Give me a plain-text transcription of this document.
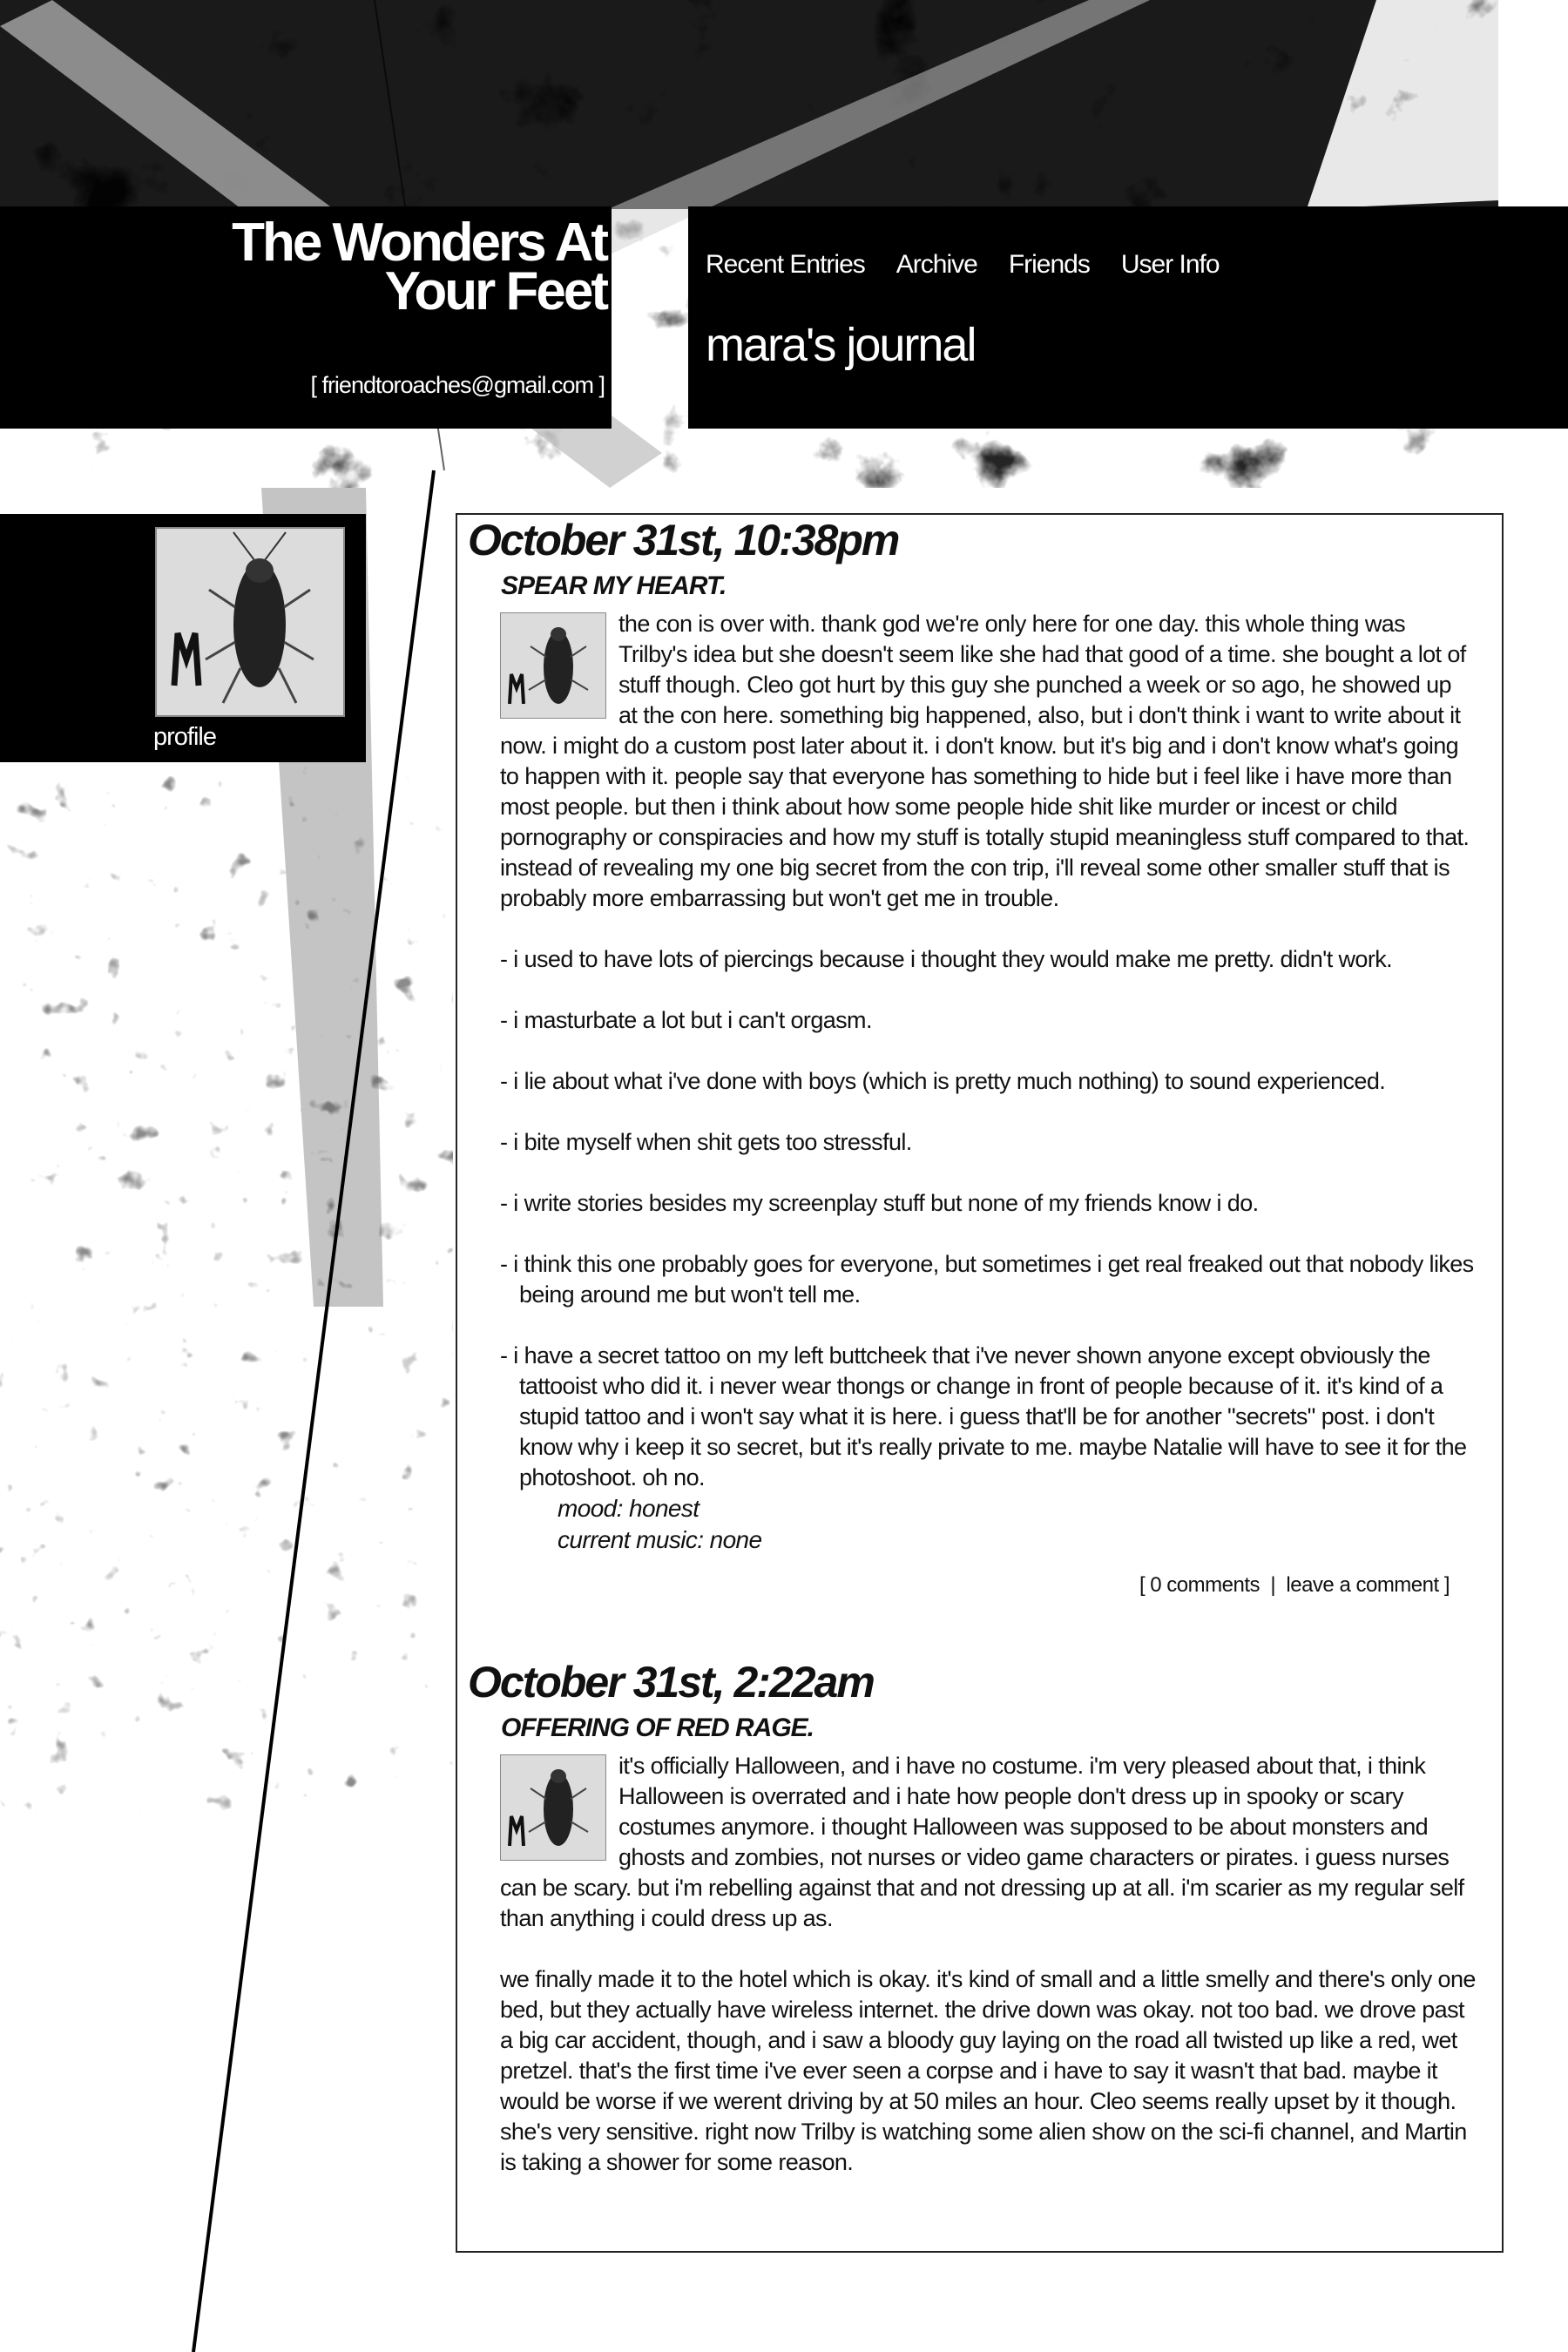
The Wonders At Your Feet
[ friendtoroaches@gmail.com ]
Recent Entries Archive Friends User Info
mara's journal
profile
October 31st, 10:38pm
SPEAR MY HEART.

the con is over with. thank god we're only here for one day. this whole thing was Trilby's idea but she doesn't seem like she had that good of a time. she bought a lot of stuff though. Cleo got hurt by this guy she punched a week or so ago, he showed up at the con here. something big happened, also, but i don't think i want to write about it now. i might do a custom post later about it. i don't know. but it's big and i don't know what's going to happen with it. people say that everyone has something to hide but i feel like i have more than most people. but then i think about how some people hide shit like murder or incest or child pornography or conspiracies and how my stuff is totally stupid meaningless stuff compared to that. instead of revealing my one big secret from the con trip, i'll reveal some other smaller stuff that is probably more embarrassing but won't get me in trouble.

- i used to have lots of piercings because i thought they would make me pretty. didn't work.

- i masturbate a lot but i can't orgasm.

- i lie about what i've done with boys (which is pretty much nothing) to sound experienced.

- i bite myself when shit gets too stressful.

- i write stories besides my screenplay stuff but none of my friends know i do.

- i think this one probably goes for everyone, but sometimes i get real freaked out that nobody likes being around me but won't tell me.

- i have a secret tattoo on my left buttcheek that i've never shown anyone except obviously the tattooist who did it. i never wear thongs or change in front of people because of it. it's kind of a stupid tattoo and i won't say what it is here. i guess that'll be for another "secrets" post. i don't know why i keep it so secret, but it's really private to me. maybe Natalie will have to see it for the photoshoot. oh no.

mood: honest
current music: none
[ 0 comments | leave a comment ]
October 31st, 2:22am
OFFERING OF RED RAGE.

it's officially Halloween, and i have no costume. i'm very pleased about that, i think Halloween is overrated and i hate how people don't dress up in spooky or scary costumes anymore. i thought Halloween was supposed to be about monsters and ghosts and zombies, not nurses or video game characters or pirates. i guess nurses can be scary. but i'm rebelling against that and not dressing up at all. i'm scarier as my regular self than anything i could dress up as.

we finally made it to the hotel which is okay. it's kind of small and a little smelly and there's only one bed, but they actually have wireless internet. the drive down was okay. not too bad. we drove past a big car accident, though, and i saw a bloody guy laying on the road all twisted up like a red, wet pretzel. that's the first time i've ever seen a corpse and i have to say it wasn't that bad. maybe it would be worse if we werent driving by at 50 miles an hour. Cleo seems really upset by it though. she's very sensitive. right now Trilby is watching some alien show on the sci-fi channel, and Martin is taking a shower for some reason.
